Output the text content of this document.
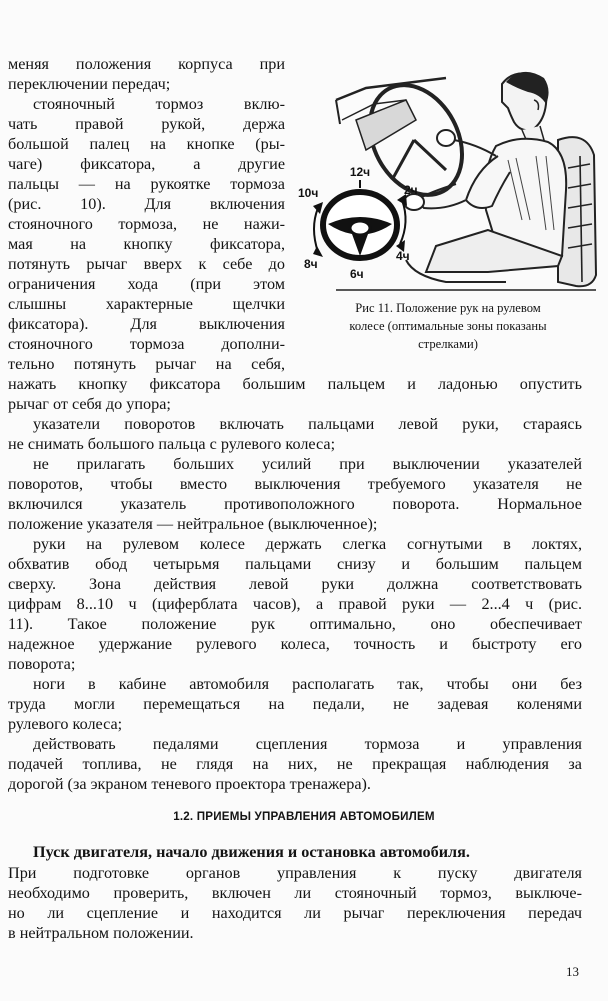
меняя положения корпуса при
переключении передач;
стояночный тормоз вклю-
чать правой рукой, держа
большой палец на кнопке (ры-
чаге) фиксатора, а другие
пальцы — на рукоятке тормоза
(рис. 10). Для включения
стояночного тормоза, не нажи-
мая на кнопку фиксатора,
потянуть рычаг вверх к себе до
ограничения хода (при этом
слышны характерные щелчки
фиксатора). Для выключения
стояночного тормоза дополни-
тельно потянуть рычаг на себя,
12ч
2ч
10ч
8ч
4ч
6ч
Рис 11. Положение рук на рулевом
колесе (оптимальные зоны показаны
стрелками)
нажать кнопку фиксатора большим пальцем и ладонью опустить
рычаг от себя до упора;
указатели поворотов включать пальцами левой руки, стараясь
не снимать большого пальца с рулевого колеса;
не прилагать больших усилий при выключении указателей
поворотов, чтобы вместо выключения требуемого указателя не
включился указатель противоположного поворота. Нормальное
положение указателя — нейтральное (выключенное);
руки на рулевом колесе держать слегка согнутыми в локтях,
обхватив обод четырьмя пальцами снизу и большим пальцем
сверху. Зона действия левой руки должна соответствовать
цифрам 8...10 ч (циферблата часов), а правой руки — 2...4 ч (рис.
11). Такое положение рук оптимально, оно обеспечивает
надежное удержание рулевого колеса, точность и быстроту его
поворота;
ноги в кабине автомобиля располагать так, чтобы они без
труда могли перемещаться на педали, не задевая коленями
рулевого колеса;
действовать педалями сцепления тормоза и управления
подачей топлива, не глядя на них, не прекращая наблюдения за
дорогой (за экраном теневого проектора тренажера).
1.2. ПРИЕМЫ УПРАВЛЕНИЯ АВТОМОБИЛЕМ
Пуск двигателя, начало движения и остановка автомобиля.
При подготовке органов управления к пуску двигателя
необходимо проверить, включен ли стояночный тормоз, выключе-
но ли сцепление и находится ли рычаг переключения передач
в нейтральном положении.
13
